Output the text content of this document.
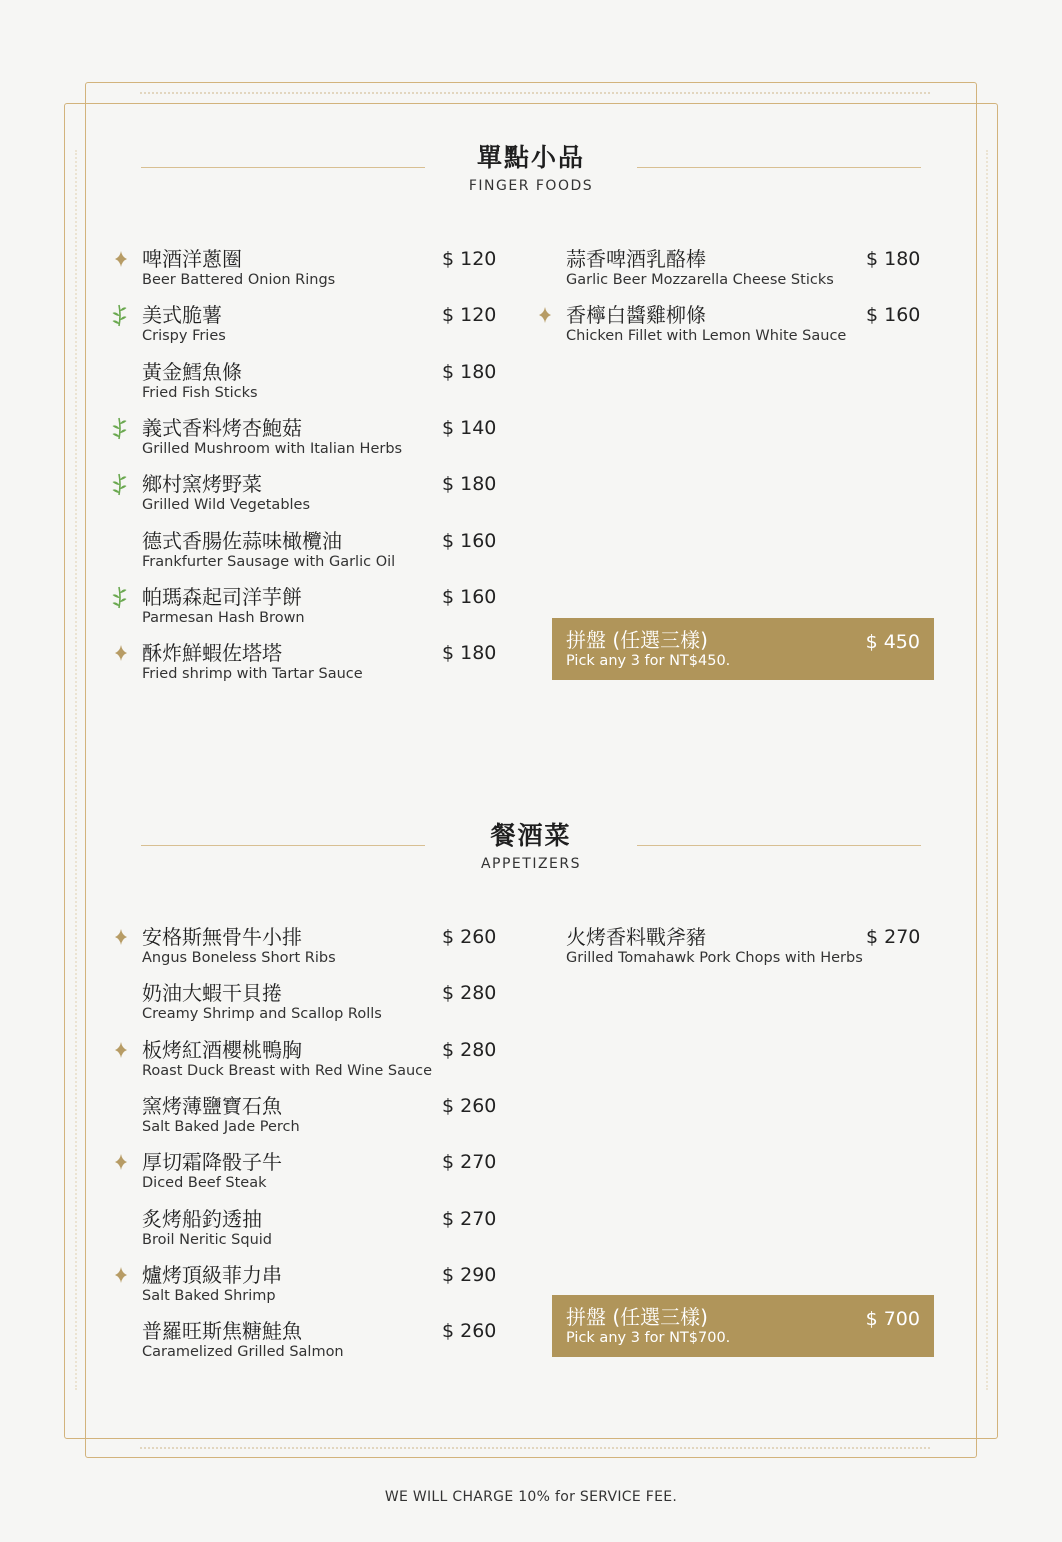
單點小品
FINGER FOODS
啤酒洋蔥圈
Beer Battered Onion Rings
$ 120
美式脆薯
Crispy Fries
$ 120
黃金鱈魚條
Fried Fish Sticks
$ 180
義式香料烤杏鮑菇
Grilled Mushroom with Italian Herbs
$ 140
鄉村窯烤野菜
Grilled Wild Vegetables
$ 180
德式香腸佐蒜味橄欖油
Frankfurter Sausage with Garlic Oil
$ 160
帕瑪森起司洋芋餅
Parmesan Hash Brown
$ 160
酥炸鮮蝦佐塔塔
Fried shrimp with Tartar Sauce
$ 180
蒜香啤酒乳酪棒
Garlic Beer Mozzarella Cheese Sticks
$ 180
香檸白醬雞柳條
Chicken Fillet with Lemon White Sauce
$ 160
拼盤 (任選三樣)
Pick any 3 for NT$450.
$ 450
餐酒菜
APPETIZERS
安格斯無骨牛小排
Angus Boneless Short Ribs
$ 260
奶油大蝦干貝捲
Creamy Shrimp and Scallop Rolls
$ 280
板烤紅酒櫻桃鴨胸
Roast Duck Breast with Red Wine Sauce
$ 280
窯烤薄鹽寶石魚
Salt Baked Jade Perch
$ 260
厚切霜降骰子牛
Diced Beef Steak
$ 270
炙烤船釣透抽
Broil Neritic Squid
$ 270
爐烤頂級菲力串
Salt Baked Shrimp
$ 290
普羅旺斯焦糖鮭魚
Caramelized Grilled Salmon
$ 260
火烤香料戰斧豬
Grilled Tomahawk Pork Chops with Herbs
$ 270
拼盤 (任選三樣)
Pick any 3 for NT$700.
$ 700
WE WILL CHARGE 10% for SERVICE FEE.
